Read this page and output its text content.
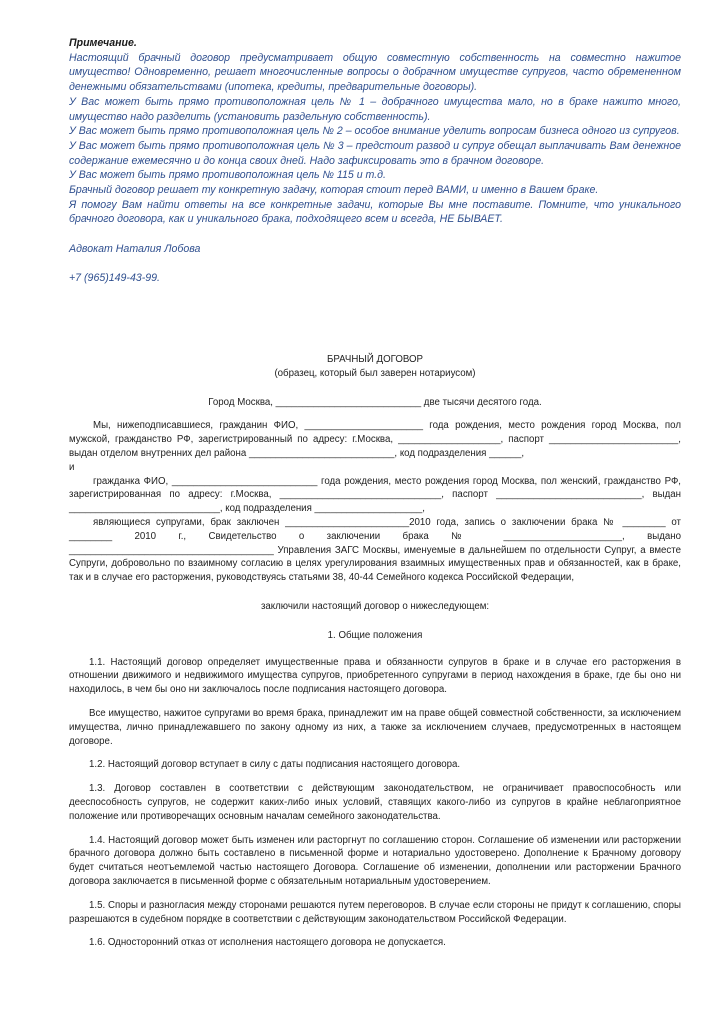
Примечание.

Настоящий брачный договор предусматривает общую совместную собственность на совместно нажитое имущество! Одновременно, решает многочисленные вопросы о добрачном имуществе супругов, часто обремененном денежными обязательствами (ипотека, кредиты, предварительные договоры).

У Вас может быть прямо противоположная цель № 1 – добрачного имущества мало, но в браке нажито много, имущество надо разделить (установить раздельную собственность).

У Вас может быть прямо противоположная цель № 2 – особое внимание уделить вопросам бизнеса одного из супругов.

У Вас может быть прямо противоположная цель № 3 – предстоит развод и супруг обещал выплачивать Вам денежное содержание ежемесячно и до конца своих дней. Надо зафиксировать это в брачном договоре.

У Вас может быть прямо противоположная цель № 115 и т.д.

Брачный договор решает ту конкретную задачу, которая стоит перед ВАМИ, и именно в Вашем браке.

Я помогу Вам найти ответы на все конкретные задачи, которые Вы мне поставите. Помните, что уникального брачного договора, как и уникального брака, подходящего всем и всегда, НЕ БЫВАЕТ.

Адвокат Наталия Лобова

+7 (965)149-43-99.

БРАЧНЫЙ ДОГОВОР

(образец, который был заверен нотариусом)

Город Москва, ___________________________ две тысячи десятого года.

Мы, нижеподписавшиеся, гражданин ФИО, ______________________ года рождения, место рождения город Москва, пол мужской, гражданство РФ, зарегистрированный по адресу: г.Москва, ___________________, паспорт ________________________, выдан отделом внутренних дел района ___________________________, код подразделения ______,

и

гражданка ФИО, ___________________________ года рождения, место рождения город Москва, пол женский, гражданство РФ, зарегистрированная по адресу: г.Москва, ______________________________, паспорт ___________________________, выдан ____________________________, код подразделения ____________________,

являющиеся супругами, брак заключен _______________________2010 года, запись о заключении брака № ________ от ________ 2010 г., Свидетельство о заключении брака № ______________________, выдано ______________________________________ Управления ЗАГС Москвы, именуемые в дальнейшем по отдельности Супруг, а вместе Супруги, добровольно по взаимному согласию в целях урегулирования взаимных имущественных прав и обязанностей, как в браке, так и в случае его расторжения, руководствуясь статьями 38, 40-44 Семейного кодекса Российской Федерации,

заключили настоящий договор о нижеследующем:

1. Общие положения

1.1. Настоящий договор определяет имущественные права и обязанности супругов в браке и в случае его расторжения в отношении движимого и недвижимого имущества супругов, приобретенного супругами в период нахождения в браке, где бы оно ни находилось, в чем бы оно ни заключалось после подписания настоящего договора.

Все имущество, нажитое супругами во время брака, принадлежит им на праве общей совместной собственности, за исключением имущества, лично принадлежавшего по закону одному из них, а также за исключением случаев, предусмотренных в настоящем договоре.

1.2. Настоящий договор вступает в силу с даты подписания настоящего договора.

1.3. Договор составлен в соответствии с действующим законодательством, не ограничивает правоспособность или дееспособность супругов, не содержит каких-либо иных условий, ставящих какого-либо из супругов в крайне неблагоприятное положение или противоречащих основным началам семейного законодательства.

1.4. Настоящий договор может быть изменен или расторгнут по соглашению сторон. Соглашение об изменении или расторжении брачного договора должно быть составлено в письменной форме и нотариально удостоверено. Дополнение к Брачному договору будет считаться неотъемлемой частью настоящего Договора. Соглашение об изменении, дополнении или расторжении Брачного договора заключается в письменной форме с обязательным нотариальным удостоверением.

1.5. Споры и разногласия между сторонами решаются путем переговоров. В случае если стороны не придут к соглашению, споры разрешаются в судебном порядке в соответствии с действующим законодательством Российской Федерации.

1.6. Односторонний отказ от исполнения настоящего договора не допускается.
